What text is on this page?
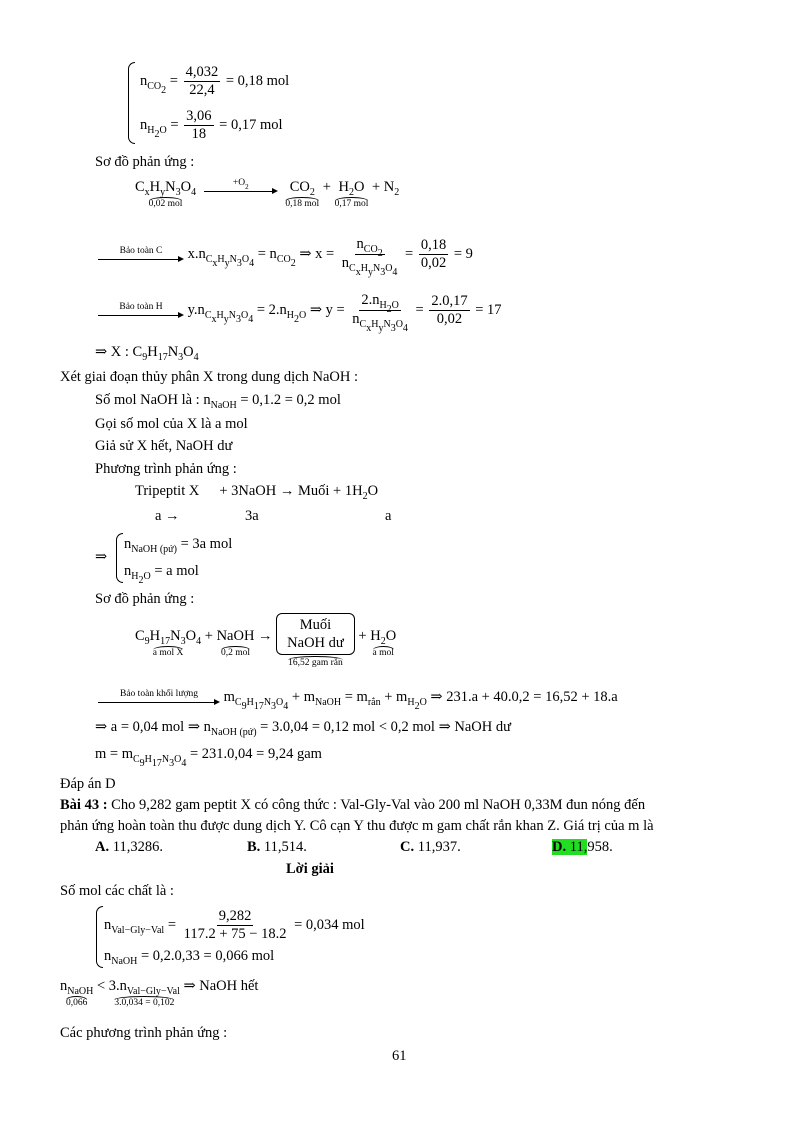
$n_{CO_2} = \frac{4,032}{22,4} = 0,18$ mol
$n_{H_2O} = \frac{3,06}{18} = 0,17$ mol
Sơ đồ phản ứng :
$C_xH_yN_3O_4$
0,02 mol

$+O_2$
	$CO_2$
0,18 mol
+ $H_2O$
0,17 mol
+ $N_2$
Bảo toàn C $x.n_{C_xH_yN_3O_4} = n_{CO_2}$ ⇒ $x = \frac{n_{CO_2}}{n_{C_xH_yN_3O_4}} = \frac{0,18}{0,02} = 9$
Bảo toàn H $y.n_{C_xH_yN_3O_4} = 2.n_{H_2O}$ ⇒ $y = \frac{2.n_{H_2O}}{n_{C_xH_yN_3O_4}} = \frac{2.0,17}{0,02} = 17$
⇒ X : $C_9H_{17}N_3O_4$
Xét giai đoạn thủy phân X trong dung dịch NaOH :
Số mol NaOH là : $n_{NaOH} = 0,1.2 = 0,2$ mol
Gọi số mol của X là a mol
Giả sử X hết, NaOH dư
Phương trình phản ứng :
Tripeptit X + 3NaOH → Muối + $1H_2O$
a →	3a	a
⇒
$n_{NaOH (pứ)} = 3a$ mol
$n_{H_2O} = a$ mol
Sơ đồ phản ứng :
$C_9H_{17}N_3O_4$
a mol X
+ NaOH
0,2 mol
→
Muối
NaOH dư
16,52 gam rắn
+ $H_2O$
a mol
Bảo toàn khối lượng $m_{C_9H_{17}N_3O_4} + m_{NaOH} = m_{rắn} + m_{H_2O}$ ⇒ 231.a + 40.0,2 = 16,52 + 18.a
⇒ a = 0,04 mol ⇒ $n_{NaOH (pứ)} = 3.0,04 = 0,12$ mol < 0,2 mol ⇒ NaOH dư
$m = m_{C_9H_{17}N_3O_4} = 231.0,04 = 9,24$ gam
Đáp án D
Bài 43 : Cho 9,282 gam peptit X có công thức : Val-Gly-Val vào 200 ml NaOH 0,33M đun nóng đến
phản ứng hoàn toàn thu được dung dịch Y. Cô cạn Y thu được m gam chất rắn khan Z. Giá trị của m là
A. 11,3286.	B. 11,514.	C. 11,937.	D. 11,958.
Lời giải
Số mol các chất là :
$n_{Val-Gly-Val} = \frac{9,282}{117.2 + 75 - 18.2} = 0,034$ mol
$n_{NaOH} = 0,2.0,33 = 0,066$ mol
$n_{NaOH}$
0,066
< $3.n_{Val-Gly-Val}$
3.0,034 = 0,102
⇒ NaOH hết
Các phương trình phản ứng :
61
